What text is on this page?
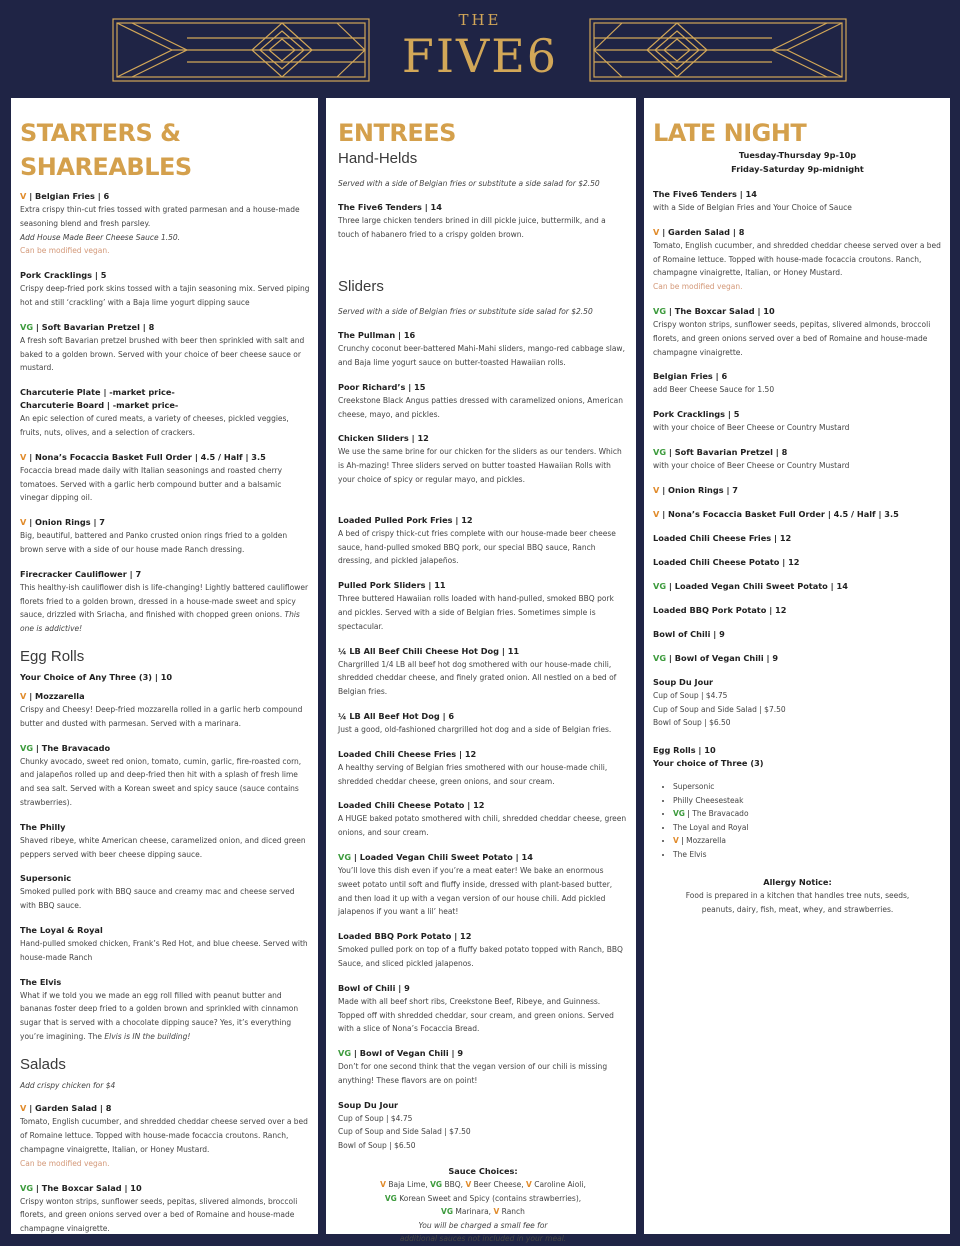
THE
FIVE6
STARTERS &
SHAREABLES
V | Belgian Fries | 6
Extra crispy thin-cut fries tossed with grated parmesan and a house-made seasoning blend and fresh parsley.
Add House Made Beer Cheese Sauce 1.50.
Can be modified vegan.
Pork Cracklings | 5
Crispy deep-fried pork skins tossed with a tajin seasoning mix. Served piping hot and still ‘crackling’ with a Baja lime yogurt dipping sauce
VG | Soft Bavarian Pretzel | 8
A fresh soft Bavarian pretzel brushed with beer then sprinkled with salt and baked to a golden brown. Served with your choice of beer cheese sauce or mustard.
Charcuterie Plate | -market price-
Charcuterie Board | -market price-
An epic selection of cured meats, a variety of cheeses, pickled veggies, fruits, nuts, olives, and a selection of crackers.
V | Nona’s Focaccia Basket Full Order | 4.5 / Half | 3.5
Focaccia bread made daily with Italian seasonings and roasted cherry tomatoes. Served with a garlic herb compound butter and a balsamic vinegar dipping oil.
V | Onion Rings | 7
Big, beautiful, battered and Panko crusted onion rings fried to a golden brown serve with a side of our house made Ranch dressing.
Firecracker Cauliflower | 7
This healthy-ish cauliflower dish is life-changing! Lightly battered cauliflower florets fried to a golden brown, dressed in a house-made sweet and spicy sauce, drizzled with Sriacha, and finished with chopped green onions. This one is addictive!
Egg Rolls
Your Choice of Any Three (3) | 10
V | Mozzarella
Crispy and Cheesy! Deep-fried mozzarella rolled in a garlic herb compound butter and dusted with parmesan. Served with a marinara.
VG | The Bravacado
Chunky avocado, sweet red onion, tomato, cumin, garlic, fire-roasted corn, and jalapeños rolled up and deep-fried then hit with a splash of fresh lime and sea salt. Served with a Korean sweet and spicy sauce (sauce contains strawberries).
The Philly
Shaved ribeye, white American cheese, caramelized onion, and diced green peppers served with beer cheese dipping sauce.
Supersonic
Smoked pulled pork with BBQ sauce and creamy mac and cheese served with BBQ sauce.
The Loyal & Royal
Hand-pulled smoked chicken, Frank’s Red Hot, and blue cheese. Served with house-made Ranch
The Elvis
What if we told you we made an egg roll filled with peanut butter and bananas foster deep fried to a golden brown and sprinkled with cinnamon sugar that is served with a chocolate dipping sauce? Yes, it’s everything you’re imagining. The Elvis is IN the building!
Salads
Add crispy chicken for $4
V | Garden Salad | 8
Tomato, English cucumber, and shredded cheddar cheese served over a bed of Romaine lettuce. Topped with house-made focaccia croutons. Ranch, champagne vinaigrette, Italian, or Honey Mustard.
Can be modified vegan.
VG | The Boxcar Salad | 10
Crispy wonton strips, sunflower seeds, pepitas, slivered almonds, broccoli florets, and green onions served over a bed of Romaine and house-made champagne vinaigrette.
ENTREES
Hand-Helds
Served with a side of Belgian fries or substitute a side salad for $2.50
The Five6 Tenders | 14
Three large chicken tenders brined in dill pickle juice, buttermilk, and a touch of habanero fried to a crispy golden brown.
Sliders
Served with a side of Belgian fries or substitute side salad for $2.50
The Pullman | 16
Crunchy coconut beer-battered Mahi-Mahi sliders, mango-red cabbage slaw, and Baja lime yogurt sauce on butter-toasted Hawaiian rolls.
Poor Richard’s | 15
Creekstone Black Angus patties dressed with caramelized onions, American cheese, mayo, and pickles.
Chicken Sliders | 12
We use the same brine for our chicken for the sliders as our tenders. Which is Ah-mazing! Three sliders served on butter toasted Hawaiian Rolls with your choice of spicy or regular mayo, and pickles.
Loaded Pulled Pork Fries | 12
A bed of crispy thick-cut fries complete with our house-made beer cheese sauce, hand-pulled smoked BBQ pork, our special BBQ sauce, Ranch dressing, and pickled jalapeños.
Pulled Pork Sliders | 11
Three buttered Hawaiian rolls loaded with hand-pulled, smoked BBQ pork and pickles. Served with a side of Belgian fries. Sometimes simple is spectacular.
¼ LB All Beef Chili Cheese Hot Dog | 11
Chargrilled 1/4 LB all beef hot dog smothered with our house-made chili, shredded cheddar cheese, and finely grated onion. All nestled on a bed of Belgian fries.
¼ LB All Beef Hot Dog | 6
Just a good, old-fashioned chargrilled hot dog and a side of Belgian fries.
Loaded Chili Cheese Fries | 12
A healthy serving of Belgian fries smothered with our house-made chili, shredded cheddar cheese, green onions, and sour cream.
Loaded Chili Cheese Potato | 12
A HUGE baked potato smothered with chili, shredded cheddar cheese, green onions, and sour cream.
VG | Loaded Vegan Chili Sweet Potato | 14
You’ll love this dish even if you’re a meat eater! We bake an enormous sweet potato until soft and fluffy inside, dressed with plant-based butter, and then load it up with a vegan version of our house chili. Add pickled jalapenos if you want a lil’ heat!
Loaded BBQ Pork Potato | 12
Smoked pulled pork on top of a fluffy baked potato topped with Ranch, BBQ Sauce, and sliced pickled jalapenos.
Bowl of Chili | 9
Made with all beef short ribs, Creekstone Beef, Ribeye, and Guinness. Topped off with shredded cheddar, sour cream, and green onions. Served with a slice of Nona’s Focaccia Bread.
VG | Bowl of Vegan Chili | 9
Don’t for one second think that the vegan version of our chili is missing anything! These flavors are on point!
Soup Du Jour
Cup of Soup | $4.75
Cup of Soup and Side Salad | $7.50
Bowl of Soup | $6.50
Sauce Choices:
V Baja Lime, VG BBQ, V Beer Cheese, V Caroline Aioli,
VG Korean Sweet and Spicy (contains strawberries),
VG Marinara, V Ranch
You will be charged a small fee for
additional sauces not included in your meal.
LATE NIGHT
Tuesday-Thursday 9p-10p
Friday-Saturday 9p-midnight
The Five6 Tenders | 14
with a Side of Belgian Fries and Your Choice of Sauce
V | Garden Salad | 8
Tomato, English cucumber, and shredded cheddar cheese served over a bed of Romaine lettuce. Topped with house-made focaccia croutons. Ranch, champagne vinaigrette, Italian, or Honey Mustard.
Can be modified vegan.
VG | The Boxcar Salad | 10
Crispy wonton strips, sunflower seeds, pepitas, slivered almonds, broccoli florets, and green onions served over a bed of Romaine and house-made champagne vinaigrette.
Belgian Fries | 6
add Beer Cheese Sauce for 1.50
Pork Cracklings | 5
with your choice of Beer Cheese or Country Mustard
VG | Soft Bavarian Pretzel | 8
with your choice of Beer Cheese or Country Mustard
V | Onion Rings | 7
V | Nona’s Focaccia Basket Full Order | 4.5 / Half | 3.5
Loaded Chili Cheese Fries | 12
Loaded Chili Cheese Potato | 12
VG | Loaded Vegan Chili Sweet Potato | 14
Loaded BBQ Pork Potato | 12
Bowl of Chili | 9
VG | Bowl of Vegan Chili | 9
Soup Du Jour
Cup of Soup | $4.75
Cup of Soup and Side Salad | $7.50
Bowl of Soup | $6.50
Egg Rolls | 10
Your choice of Three (3)
• Supersonic
• Philly Cheesesteak
• VG | The Bravacado
• The Loyal and Royal
• V | Mozzarella
• The Elvis
Allergy Notice:
Food is prepared in a kitchen that handles tree nuts, seeds, peanuts, dairy, fish, meat, whey, and strawberries.
